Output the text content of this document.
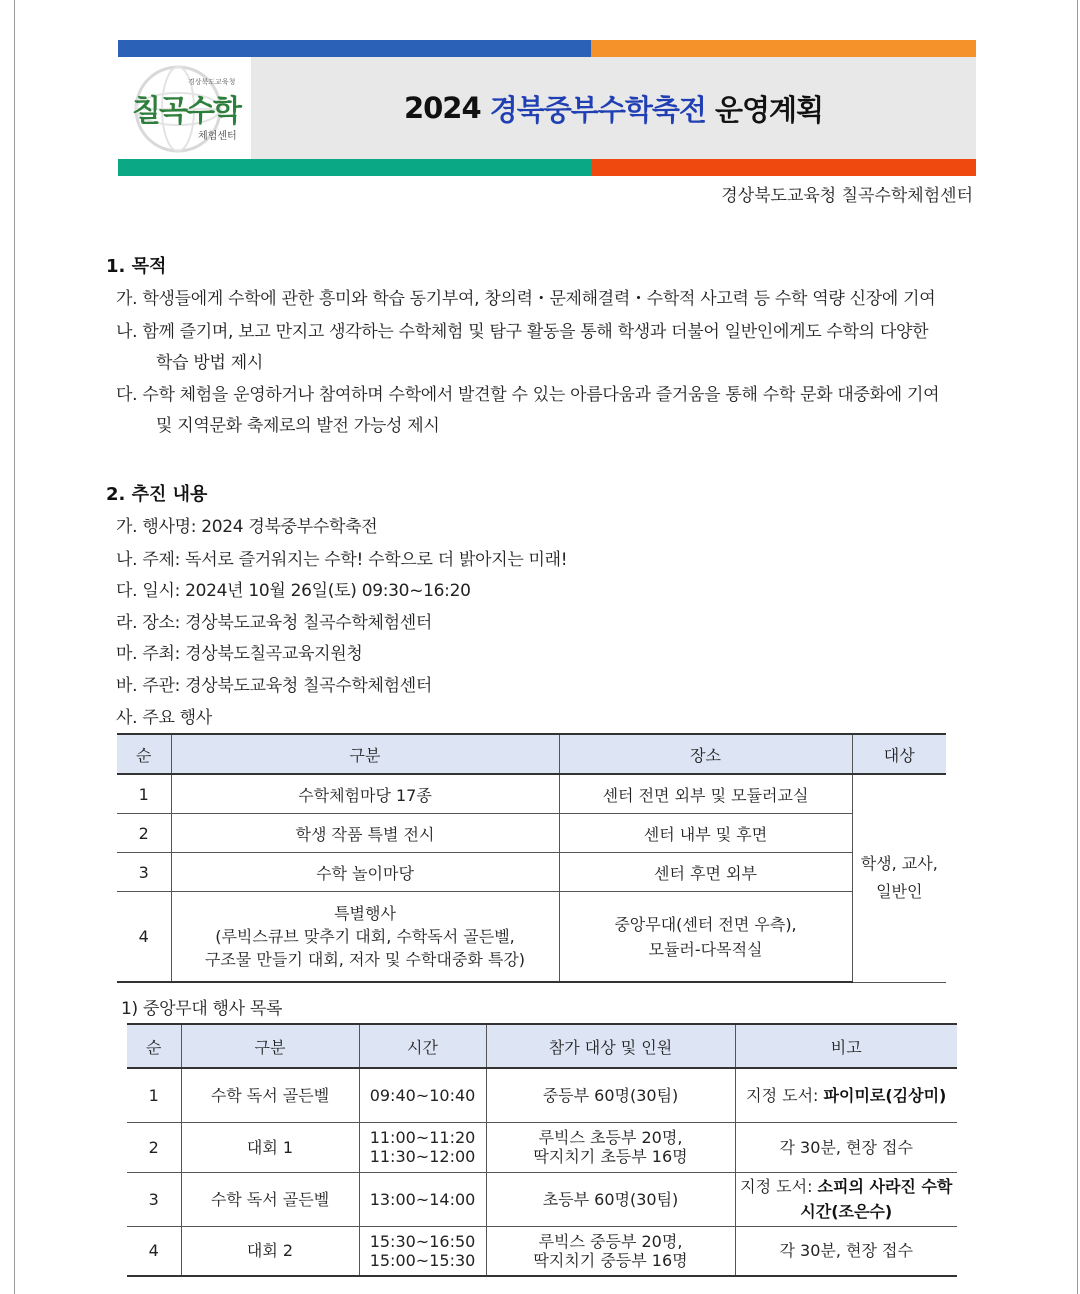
경상북도교육청
칠곡수학
체험센터
2024
경북중부수학축전
운영계획
경상북도교육청 칠곡수학체험센터
1. 목적
가. 학생들에게 수학에 관한 흥미와 학습 동기부여, 창의력・문제해결력・수학적 사고력 등 수학 역량 신장에 기여
나. 함께 즐기며, 보고 만지고 생각하는 수학체험 및 탐구 활동을 통해 학생과 더불어 일반인에게도 수학의 다양한
학습 방법 제시
다. 수학 체험을 운영하거나 참여하며 수학에서 발견할 수 있는 아름다움과 즐거움을 통해 수학 문화 대중화에 기여
및 지역문화 축제로의 발전 가능성 제시
2. 추진 내용
가. 행사명: 2024 경북중부수학축전
나. 주제: 독서로 즐거워지는 수학! 수학으로 더 밝아지는 미래!
다. 일시: 2024년 10월 26일(토) 09:30~16:20
라. 장소: 경상북도교육청 칠곡수학체험센터
마. 주최: 경상북도칠곡교육지원청
바. 주관: 경상북도교육청 칠곡수학체험센터
사. 주요 행사
순	구분	장소	대상
1	수학체험마당 17종	센터 전면 외부 및 모듈러교실	학생, 교사,
일반인
2	학생 작품 특별 전시	센터 내부 및 후면	
3	수학 놀이마당	센터 후면 외부	
4	특별행사
(루빅스큐브 맞추기 대회, 수학독서 골든벨,
구조물 만들기 대회, 저자 및 수학대중화 특강)	중앙무대(센터 전면 우측),
모듈러-다목적실	
1) 중앙무대 행사 목록
순	구분	시간	참가 대상 및 인원	비고
1	수학 독서 골든벨	09:40~10:40	중등부 60명(30팀)	지정 도서: 파이미로(김상미)
2	대회 1	11:00~11:20
11:30~12:00	루빅스 초등부 20명,
딱지치기 초등부 16명	각 30분, 현장 접수
3	수학 독서 골든벨	13:00~14:00	초등부 60명(30팀)	지정 도서: 소피의 사라진 수학
시간(조은수)
4	대회 2	15:30~16:50
15:00~15:30	루빅스 중등부 20명,
딱지치기 중등부 16명	각 30분, 현장 접수
